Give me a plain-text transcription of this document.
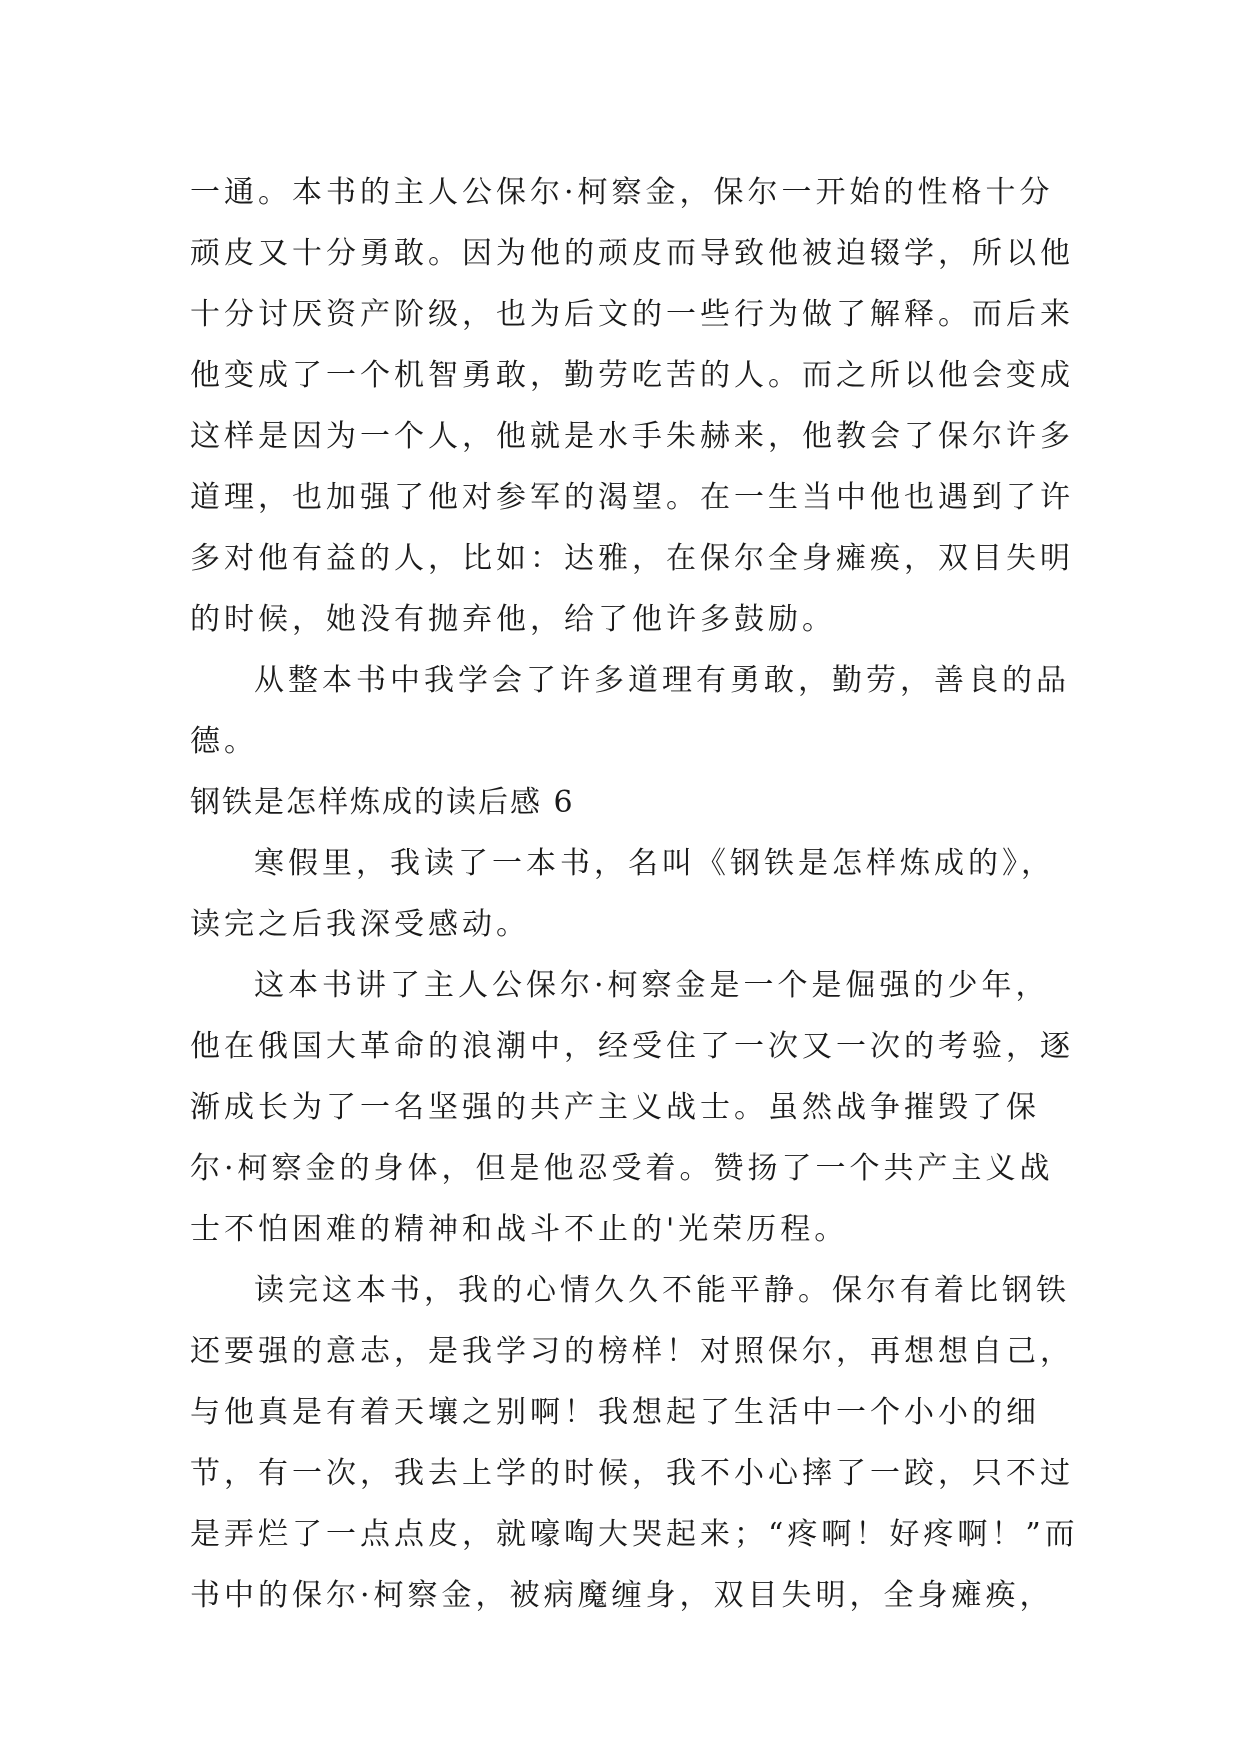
一通。本书的主人公保尔·柯察金，保尔一开始的性格十分
顽皮又十分勇敢。因为他的顽皮而导致他被迫辍学，所以他
十分讨厌资产阶级，也为后文的一些行为做了解释。而后来
他变成了一个机智勇敢，勤劳吃苦的人。而之所以他会变成
这样是因为一个人，他就是水手朱赫来，他教会了保尔许多
道理，也加强了他对参军的渴望。在一生当中他也遇到了许
多对他有益的人，比如：达雅，在保尔全身瘫痪，双目失明
的时候，她没有抛弃他，给了他许多鼓励。
从整本书中我学会了许多道理有勇敢，勤劳，善良的品
德。
钢铁是怎样炼成的读后感 6
寒假里，我读了一本书，名叫《钢铁是怎样炼成的》，
读完之后我深受感动。
这本书讲了主人公保尔·柯察金是一个是倔强的少年，
他在俄国大革命的浪潮中，经受住了一次又一次的考验，逐
渐成长为了一名坚强的共产主义战士。虽然战争摧毁了保
尔·柯察金的身体，但是他忍受着。赞扬了一个共产主义战
士不怕困难的精神和战斗不止的'光荣历程。
读完这本书，我的心情久久不能平静。保尔有着比钢铁
还要强的意志，是我学习的榜样！对照保尔，再想想自己，
与他真是有着天壤之别啊！我想起了生活中一个小小的细
节，有一次，我去上学的时候，我不小心摔了一跤，只不过
是弄烂了一点点皮，就嚎啕大哭起来；“疼啊！好疼啊！”而
书中的保尔·柯察金，被病魔缠身，双目失明，全身瘫痪，
